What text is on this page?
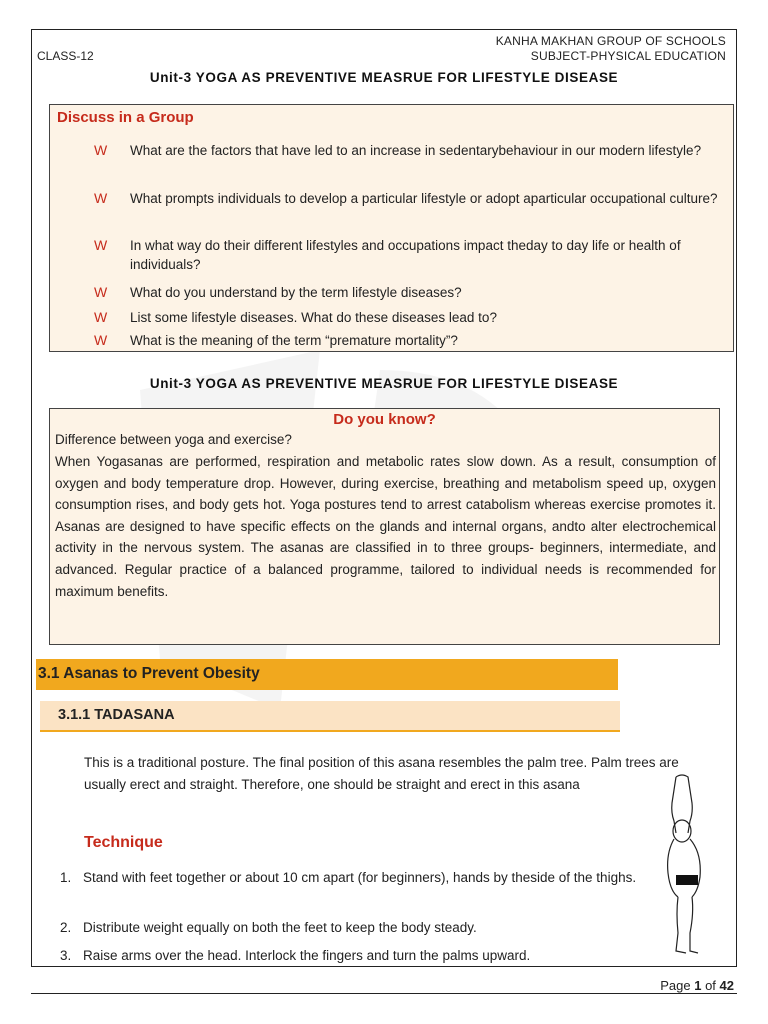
KANHA MAKHAN GROUP OF SCHOOLS
SUBJECT-PHYSICAL EDUCATION
CLASS-12
Unit-3 YOGA AS PREVENTIVE MEASRUE FOR LIFESTYLE DISEASE
Discuss in a Group
W What are the factors that have led to an increase in sedentarybehaviour in our modern lifestyle?
W What prompts individuals to develop a particular lifestyle or adopt aparticular occupational culture?
W In what way do their different lifestyles and occupations impact theday to day life or health of individuals?
W What do you understand by the term lifestyle diseases?
W List some lifestyle diseases. What do these diseases lead to?
W What is the meaning of the term “premature mortality”?
Unit-3 YOGA AS PREVENTIVE MEASRUE FOR LIFESTYLE DISEASE
Do you know?
Difference between yoga and exercise?
When Yogasanas are performed, respiration and metabolic rates slow down. As a result, consumption of oxygen and body temperature drop. However, during exercise, breathing and metabolism speed up, oxygen consumption rises, and body gets hot. Yoga postures tend to arrest catabolism whereas exercise promotes it. Asanas are designed to have specific effects on the glands and internal organs, andto alter electrochemical activity in the nervous system. The asanas are classified in to three groups- beginners, intermediate, and advanced. Regular practice of a balanced programme, tailored to individual needs is recommended for maximum benefits.
3.1 Asanas to Prevent Obesity
3.1.1 TADASANA
This is a traditional posture. The final position of this asana resembles the palm tree. Palm trees are usually erect and straight. Therefore, one should be straight and erect in this asana
Technique
1. Stand with feet together or about 10 cm apart (for beginners), hands by theside of the thighs.
2. Distribute weight equally on both the feet to keep the body steady.
3. Raise arms over the head. Interlock the fingers and turn the palms upward.
Page 1 of 42
